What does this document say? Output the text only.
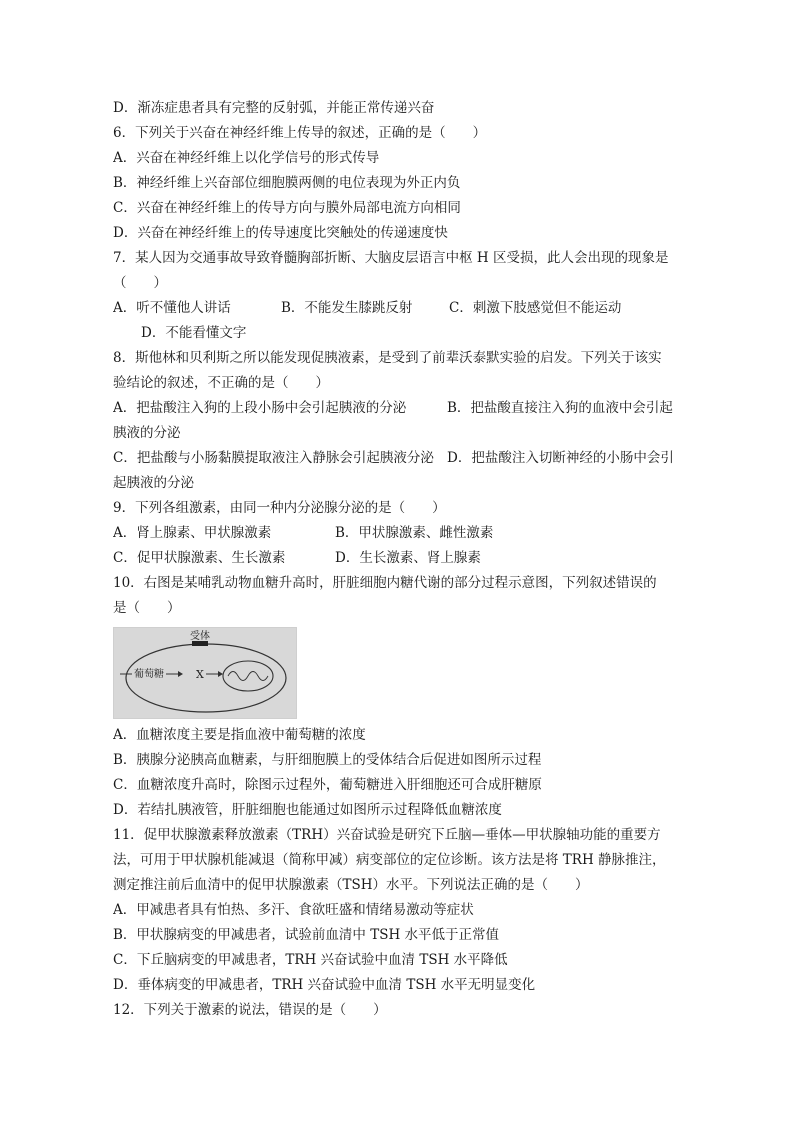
D．渐冻症患者具有完整的反射弧，并能正常传递兴奋
6．下列关于兴奋在神经纤维上传导的叙述，正确的是（　　）
A．兴奋在神经纤维上以化学信号的形式传导
B．神经纤维上兴奋部位细胞膜两侧的电位表现为外正内负
C．兴奋在神经纤维上的传导方向与膜外局部电流方向相同
D．兴奋在神经纤维上的传导速度比突触处的传递速度快
7．某人因为交通事故导致脊髓胸部折断、大脑皮层语言中枢 H 区受损，此人会出现的现象是
（　　）
A．听不懂他人讲话	B．不能发生膝跳反射	C．刺激下肢感觉但不能运动
D．不能看懂文字
8．斯他林和贝利斯之所以能发现促胰液素，是受到了前辈沃泰默实验的启发。下列关于该实
验结论的叙述，不正确的是（　　）
A．把盐酸注入狗的上段小肠中会引起胰液的分泌	B．把盐酸直接注入狗的血液中会引起
胰液的分泌
C．把盐酸与小肠黏膜提取液注入静脉会引起胰液分泌 D．把盐酸注入切断神经的小肠中会引
起胰液的分泌
9．下列各组激素，由同一种内分泌腺分泌的是（　　）
A．肾上腺素、甲状腺激素	B．甲状腺激素、雌性激素
C．促甲状腺激素、生长激素	D．生长激素、肾上腺素
10．右图是某哺乳动物血糖升高时，肝脏细胞内糖代谢的部分过程示意图，下列叙述错误的
是（　　）
受体
葡萄糖	X
A．血糖浓度主要是指血液中葡萄糖的浓度
B．胰腺分泌胰高血糖素，与肝细胞膜上的受体结合后促进如图所示过程
C．血糖浓度升高时，除图示过程外，葡萄糖进入肝细胞还可合成肝糖原
D．若结扎胰液管，肝脏细胞也能通过如图所示过程降低血糖浓度
11．促甲状腺激素释放激素（TRH）兴奋试验是研究下丘脑—垂体—甲状腺轴功能的重要方
法，可用于甲状腺机能减退（简称甲减）病变部位的定位诊断。该方法是将 TRH 静脉推注，
测定推注前后血清中的促甲状腺激素（TSH）水平。下列说法正确的是（　　）
A．甲减患者具有怕热、多汗、食欲旺盛和情绪易激动等症状
B．甲状腺病变的甲减患者，试验前血清中 TSH 水平低于正常值
C．下丘脑病变的甲减患者，TRH 兴奋试验中血清 TSH 水平降低
D．垂体病变的甲减患者，TRH 兴奋试验中血清 TSH 水平无明显变化
12．下列关于激素的说法，错误的是（　　）
